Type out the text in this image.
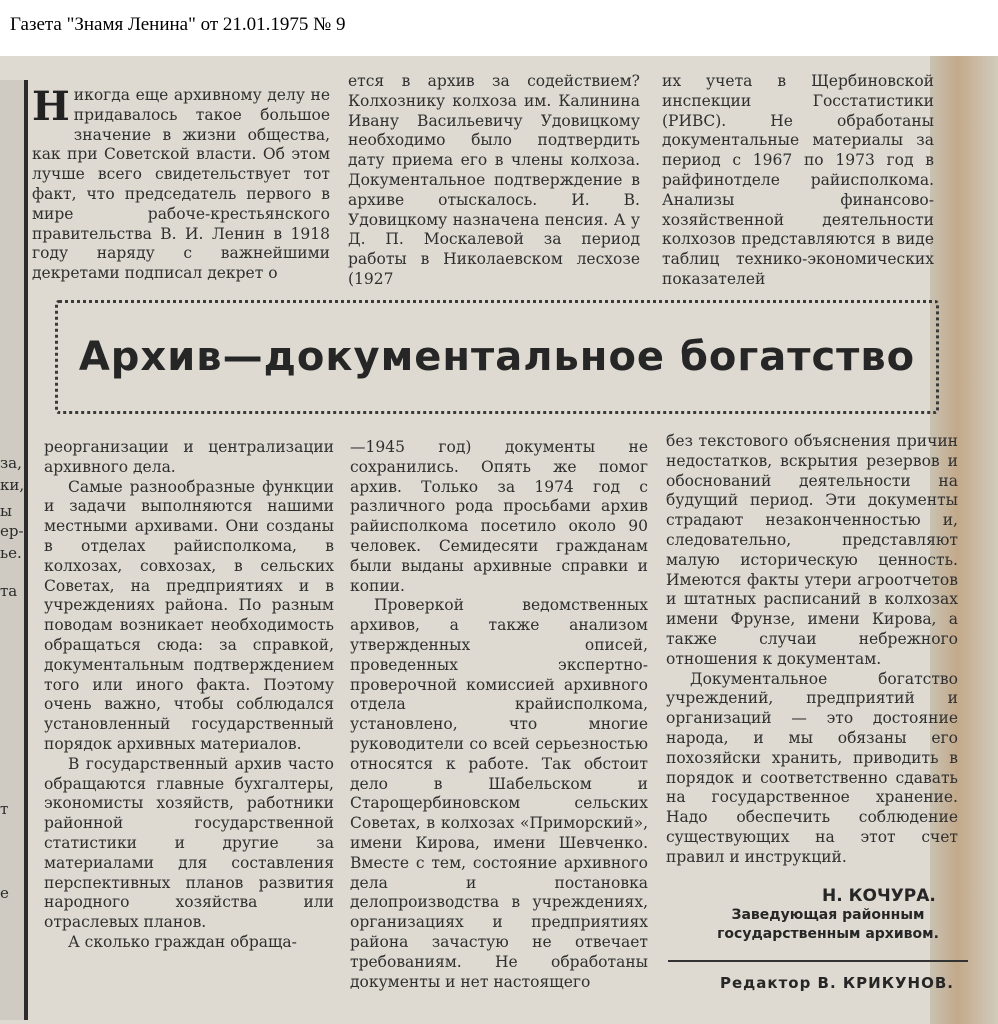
Газета "Знамя Ленина" от 21.01.1975 № 9
за,
ки,
ы
ер-
ье.
та
т
е

Никогда еще архивному делу не придавалось такое большое значение в жизни общества, как при Советской власти. Об этом лучше всего свидетельствует тот факт, что председатель первого в мире рабоче-крестьянского правительства В. И. Ленин в 1918 году наряду с важнейшими декретами подписал декрет о

ется в архив за содействием? Колхознику колхоза им. Калинина Ивану Васильевичу Удовицкому необходимо было подтвердить дату приема его в члены колхоза. Документальное подтверждение в архиве отыскалось. И. В. Удовицкому назначена пенсия. А у Д. П. Москалевой за период работы в Николаевском лесхозе (1927

их учета в Щербиновской инспекции Госстатистики (РИВС). Не обработаны документальные материалы за период с 1967 по 1973 год в райфинотделе райисполкома. Анализы финансово-хозяйственной деятельности колхозов представляются в виде таблиц технико-экономических показателей

Архив—документальное богатство

реорганизации и централизации архивного дела.

Самые разнообразные функции и задачи выполняются нашими местными архивами. Они созданы в отделах райисполкома, в колхозах, совхозах, в сельских Советах, на предприятиях и в учреждениях района. По разным поводам возникает необходимость обращаться сюда: за справкой, документальным подтверждением того или иного факта. Поэтому очень важно, чтобы соблюдался установленный государственный порядок архивных материалов.

В государственный архив часто обращаются главные бухгалтеры, экономисты хозяйств, работники районной государственной статистики и другие за материалами для составления перспективных планов развития народного хозяйства или отраслевых планов.

А сколько граждан обраща-

—1945 год) документы не сохранились. Опять же помог архив. Только за 1974 год с различного рода просьбами архив райисполкома посетило около 90 человек. Семидесяти гражданам были выданы архивные справки и копии.

Проверкой ведомственных архивов, а также анализом утвержденных описей, проведенных экспертно-проверочной комиссией архивного отдела крайисполкома, установлено, что многие руководители со всей серьезностью относятся к работе. Так обстоит дело в Шабельском и Старощербиновском сельских Советах, в колхозах «Приморский», имени Кирова, имени Шевченко. Вместе с тем, состояние архивного дела и постановка делопроизводства в учреждениях, организациях и предприятиях района зачастую не отвечает требованиям. Не обработаны документы и нет настоящего

без текстового объяснения причин недостатков, вскрытия резервов и обоснований деятельности на будущий период. Эти документы страдают незаконченностью и, следовательно, представляют малую историческую ценность. Имеются факты утери агроотчетов и штатных расписаний в колхозах имени Фрунзе, имени Кирова, а также случаи небрежного отношения к документам.

Документальное богатство учреждений, предприятий и организаций — это достояние народа, и мы обязаны его похозяйски хранить, приводить в порядок и соответственно сдавать на государственное хранение. Надо обеспечить соблюдение существующих на этот счет правил и инструкций.

Н. КОЧУРА.
Заведующая районным государственным архивом.
Редактор В. КРИКУНОВ.
